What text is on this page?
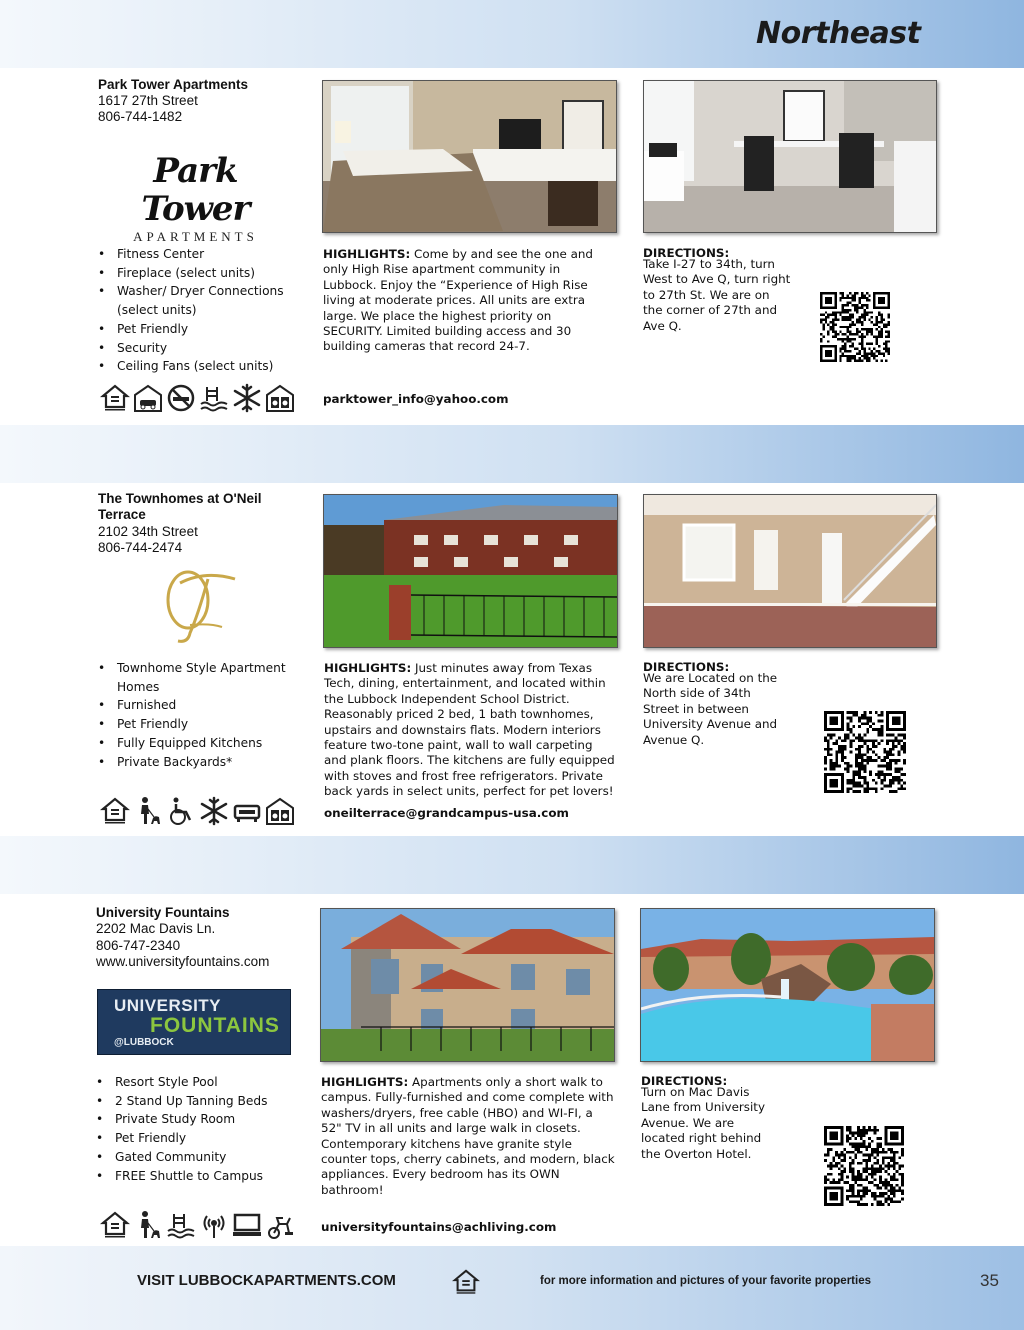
Northeast
Park Tower Apartments
1617 27th Street
806-744-1482
Park Tower
APARTMENTS
• Fitness Center
• Fireplace (select units)
• Washer/ Dryer Connections (select units)
• Pet Friendly
• Security
• Ceiling Fans (select units)
HIGHLIGHTS: Come by and see the one and only High Rise apartment community in Lubbock. Enjoy the “Experience of High Rise living at moderate prices. All units are extra large. We place the highest priority on SECURITY. Limited building access and 30 building cameras that record 24-7.
DIRECTIONS:
Take I-27 to 34th, turn West to Ave Q, turn right to 27th St. We are on the corner of 27th and Ave Q.
parktower_info@yahoo.com
The Townhomes at O'Neil Terrace
2102 34th Street
806-744-2474
• Townhome Style Apartment Homes
• Furnished
• Pet Friendly
• Fully Equipped Kitchens
• Private Backyards*
HIGHLIGHTS: Just minutes away from Texas Tech, dining, entertainment, and located within the Lubbock Independent School District. Reasonably priced 2 bed, 1 bath townhomes, upstairs and downstairs flats. Modern interiors feature two-tone paint, wall to wall carpeting and plank floors. The kitchens are fully equipped with stoves and frost free refrigerators. Private back yards in select units, perfect for pet lovers!
DIRECTIONS:
We are Located on the North side of 34th Street in between University Avenue and Avenue Q.
oneilterrace@grandcampus-usa.com
University Fountains
2202 Mac Davis Ln.
806-747-2340
www.universityfountains.com
UNIVERSITY
FOUNTAINS
@LUBBOCK
• Resort Style Pool
• 2 Stand Up Tanning Beds
• Private Study Room
• Pet Friendly
• Gated Community
• FREE Shuttle to Campus
HIGHLIGHTS: Apartments only a short walk to campus. Fully-furnished and come complete with washers/dryers, free cable (HBO) and WI-FI, a 52" TV in all units and large walk in closets. Contemporary kitchens have granite style counter tops, cherry cabinets, and modern, black appliances. Every bedroom has its OWN bathroom!
DIRECTIONS:
Turn on Mac Davis Lane from University Avenue. We are located right behind the Overton Hotel.
universityfountains@achliving.com
VISIT LUBBOCKAPARTMENTS.COM	for more information and pictures of your favorite properties	35
